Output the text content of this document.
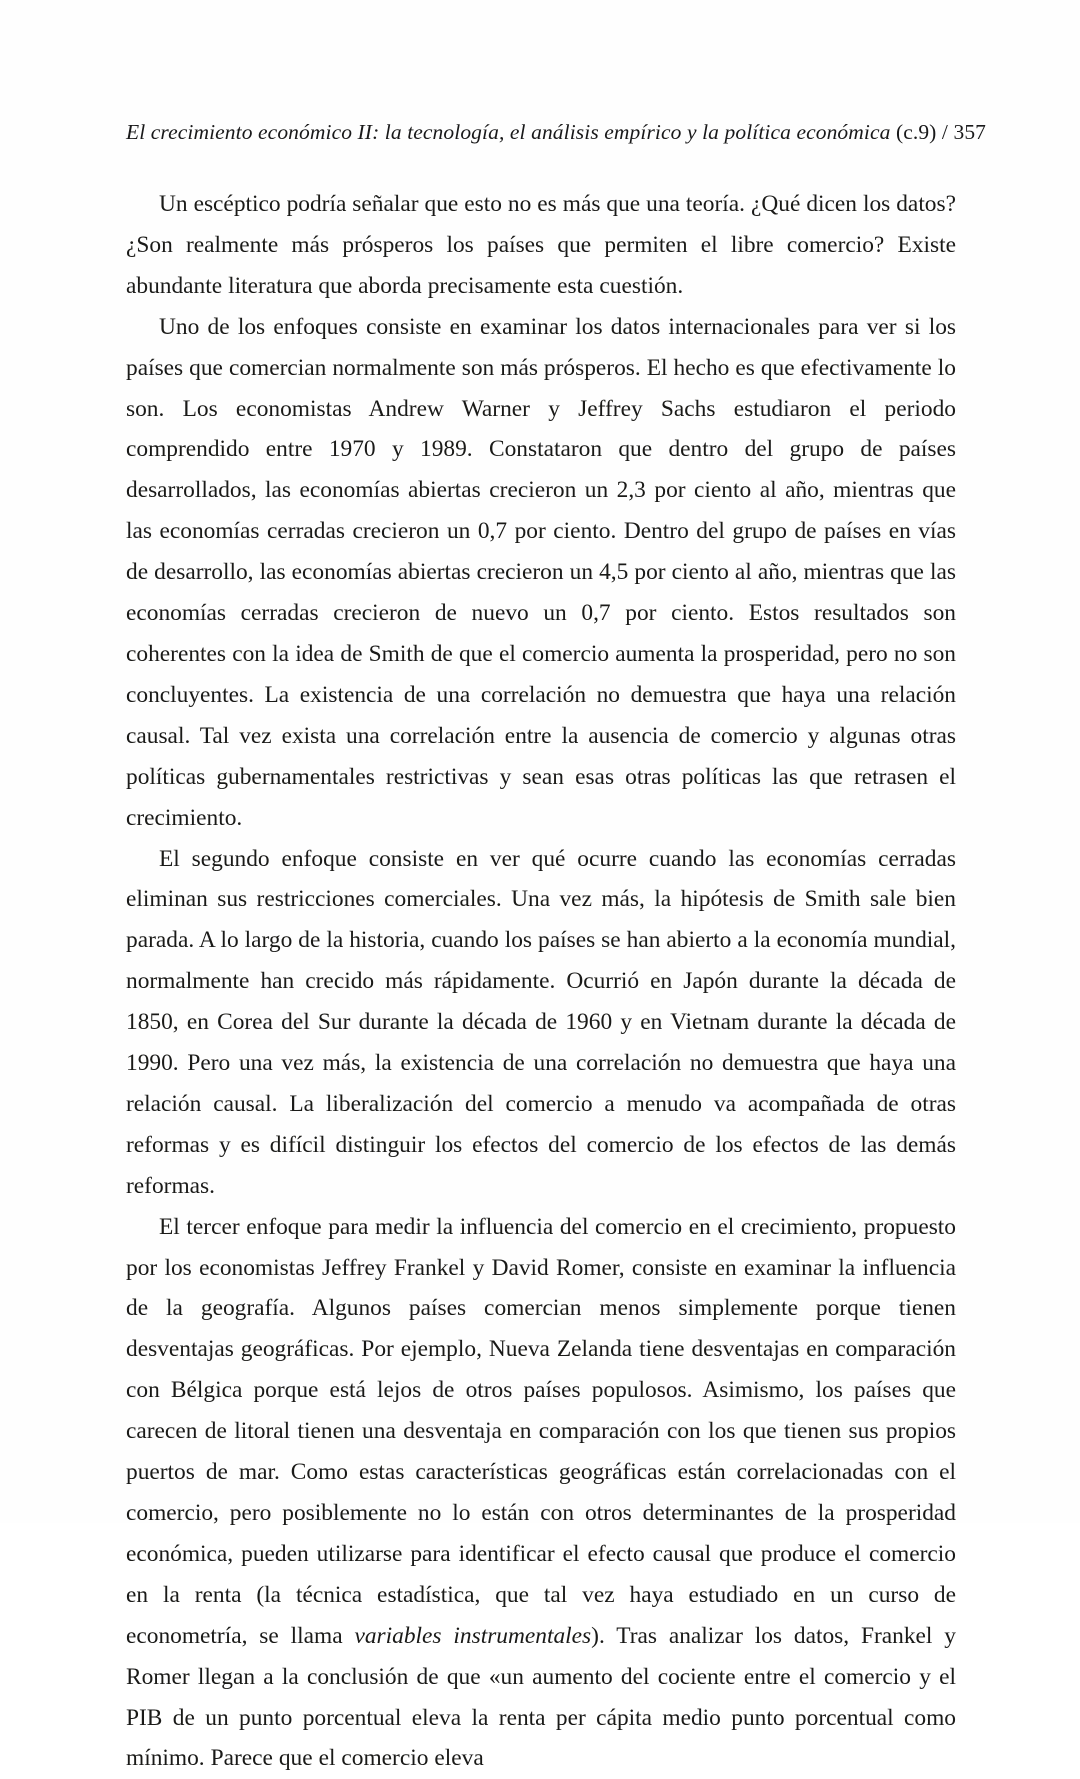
El crecimiento económico II: la tecnología, el análisis empírico y la política económica (c.9) / 357

Un escéptico podría señalar que esto no es más que una teoría. ¿Qué dicen los datos? ¿Son realmente más prósperos los países que permiten el libre comercio? Existe abundante literatura que aborda precisamente esta cuestión.

Uno de los enfoques consiste en examinar los datos internacionales para ver si los países que comercian normalmente son más prósperos. El hecho es que efectivamente lo son. Los economistas Andrew Warner y Jeffrey Sachs estudiaron el periodo comprendido entre 1970 y 1989. Constataron que dentro del grupo de países desarrollados, las economías abiertas crecieron un 2,3 por ciento al año, mientras que las economías cerradas crecieron un 0,7 por ciento. Dentro del grupo de países en vías de desarrollo, las economías abiertas crecieron un 4,5 por ciento al año, mientras que las economías cerradas crecieron de nuevo un 0,7 por ciento. Estos resultados son coherentes con la idea de Smith de que el comercio aumenta la prosperidad, pero no son concluyentes. La existencia de una correlación no demuestra que haya una relación causal. Tal vez exista una correlación entre la ausencia de comercio y algunas otras políticas gubernamentales restrictivas y sean esas otras políticas las que retrasen el crecimiento.

El segundo enfoque consiste en ver qué ocurre cuando las economías cerradas eliminan sus restricciones comerciales. Una vez más, la hipótesis de Smith sale bien parada. A lo largo de la historia, cuando los países se han abierto a la economía mundial, normalmente han crecido más rápidamente. Ocurrió en Japón durante la década de 1850, en Corea del Sur durante la década de 1960 y en Vietnam durante la década de 1990. Pero una vez más, la existencia de una correlación no demuestra que haya una relación causal. La liberalización del comercio a menudo va acompañada de otras reformas y es difícil distinguir los efectos del comercio de los efectos de las demás reformas.

El tercer enfoque para medir la influencia del comercio en el crecimiento, propuesto por los economistas Jeffrey Frankel y David Romer, consiste en examinar la influencia de la geografía. Algunos países comercian menos simplemente porque tienen desventajas geográficas. Por ejemplo, Nueva Zelanda tiene desventajas en comparación con Bélgica porque está lejos de otros países populosos. Asimismo, los países que carecen de litoral tienen una desventaja en comparación con los que tienen sus propios puertos de mar. Como estas características geográficas están correlacionadas con el comercio, pero posiblemente no lo están con otros determinantes de la prosperidad económica, pueden utilizarse para identificar el efecto causal que produce el comercio en la renta (la técnica estadística, que tal vez haya estudiado en un curso de econometría, se llama variables instrumentales). Tras analizar los datos, Frankel y Romer llegan a la conclusión de que «un aumento del cociente entre el comercio y el PIB de un punto porcentual eleva la renta per cápita medio punto porcentual como mínimo. Parece que el comercio eleva
